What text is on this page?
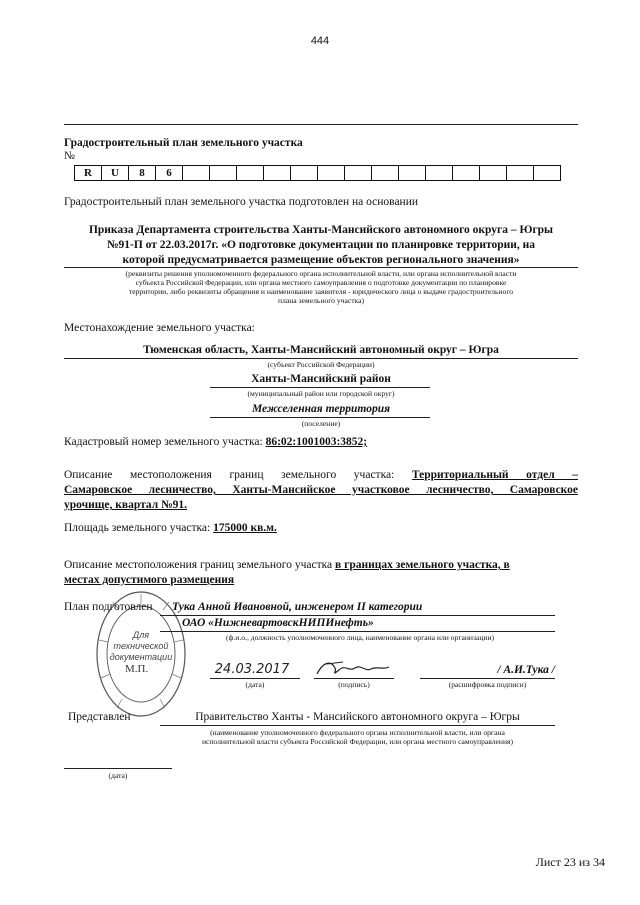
444
Градостроительный план земельного участка
№
R	U	8	6														
Градостроительный план земельного участка подготовлен на основании
Приказа Департамента строительства Ханты-Мансийского автономного округа – Югры
№91-П от 22.03.2017г. «О подготовке документации по планировке территории, на
которой предусматривается размещение объектов регионального значения»
(реквизиты решения уполномоченного федерального органа исполнительной власти, или органа исполнительной власти
субъекта Российской Федерации, или органа местного самоуправления о подготовке документации по планировке
территории, либо реквизиты обращения и наименование заявителя - юридического лица о выдаче градостроительного
плана земельного участка)
Местонахождение земельного участка:
Тюменская область, Ханты-Мансийский автономный округ – Югра
(субъект Российской Федерации)
Ханты-Мансийский район
(муниципальный район или городской округ)
Межселенная территория
(поселение)
Кадастровый номер земельного участка: 86:02:1001003:3852;
Описание местоположения границ земельного участка: Территориальный отдел –
Самаровское лесничество, Ханты-Мансийское участковое лесничество, Самаровское
урочище, квартал №91.
Площадь земельного участка: 175000 кв.м.
Описание местоположения границ земельного участка в границах земельного участка, в
местах допустимого размещения
Для
технической
документации
М.П.
План подготовлен Тука Анной Ивановной, инженером II категории
ОАО «НижневартовскНИПИнефть»
(ф.и.о., должность уполномоченного лица, наименование органа или организации)
24.03.2017	/ А.И.Тука /
(дата)	(подпись)	(расшифровка подписи)
Представлен	Правительство Ханты - Мансийского автономного округа – Югры
(наименование уполномоченного федерального органа исполнительной власти, или органа
исполнительной власти субъекта Российской Федерации, или органа местного самоуправления)
(дата)
Лист 23 из 34
